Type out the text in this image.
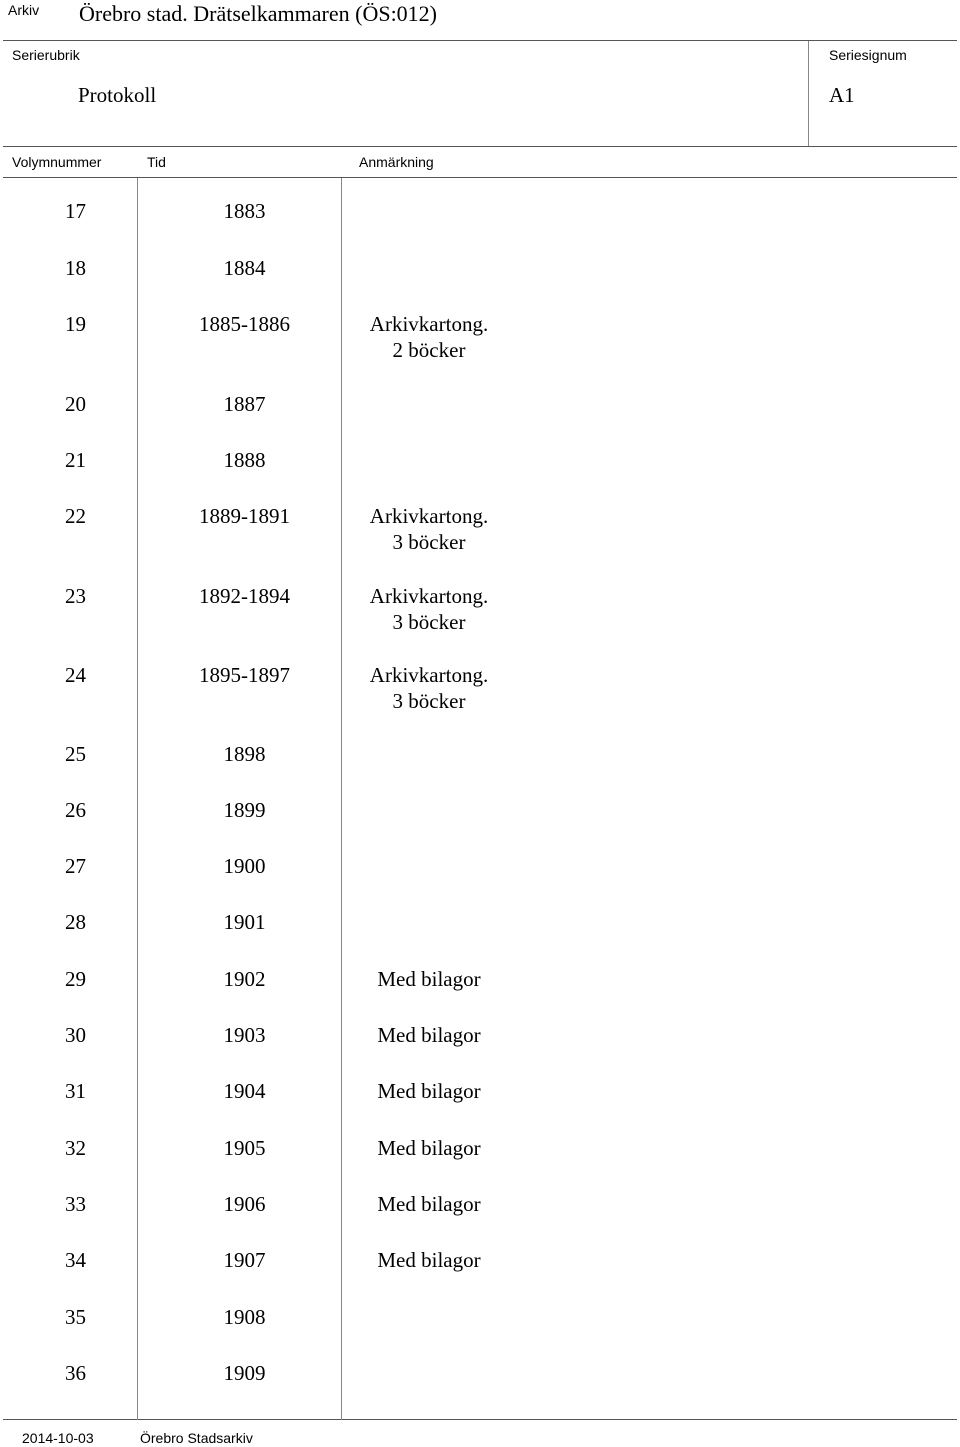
Arkiv Örebro stad. Drätselkammaren (ÖS:012)
Serierubrik
Protokoll
Seriesignum
A1
Volymnummer	Tid	Anmärkning
17	1883
18	1884
19	1885-1886	Arkivkartong.
2 böcker
20	1887
21	1888
22	1889-1891	Arkivkartong.
3 böcker
23	1892-1894	Arkivkartong.
3 böcker
24	1895-1897	Arkivkartong.
3 böcker
25	1898
26	1899
27	1900
28	1901
29	1902	Med bilagor
30	1903	Med bilagor
31	1904	Med bilagor
32	1905	Med bilagor
33	1906	Med bilagor
34	1907	Med bilagor
35	1908
36	1909
2014-10-03	Örebro Stadsarkiv
